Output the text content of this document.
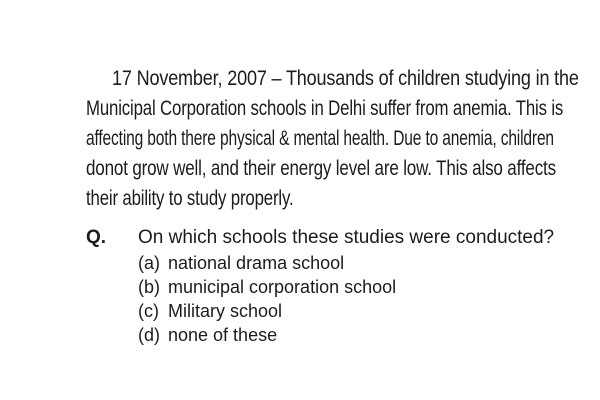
17 November, 2007 – Thousands of children studying in the
Municipal Corporation schools in Delhi suffer from anemia. This is
affecting both there physical & mental health. Due to anemia, children
donot grow well, and their energy level are low. This also affects
their ability to study properly.
Q. On which schools these studies were conducted?
(a) national drama school
(b) municipal corporation school
(c) Military school
(d) none of these
